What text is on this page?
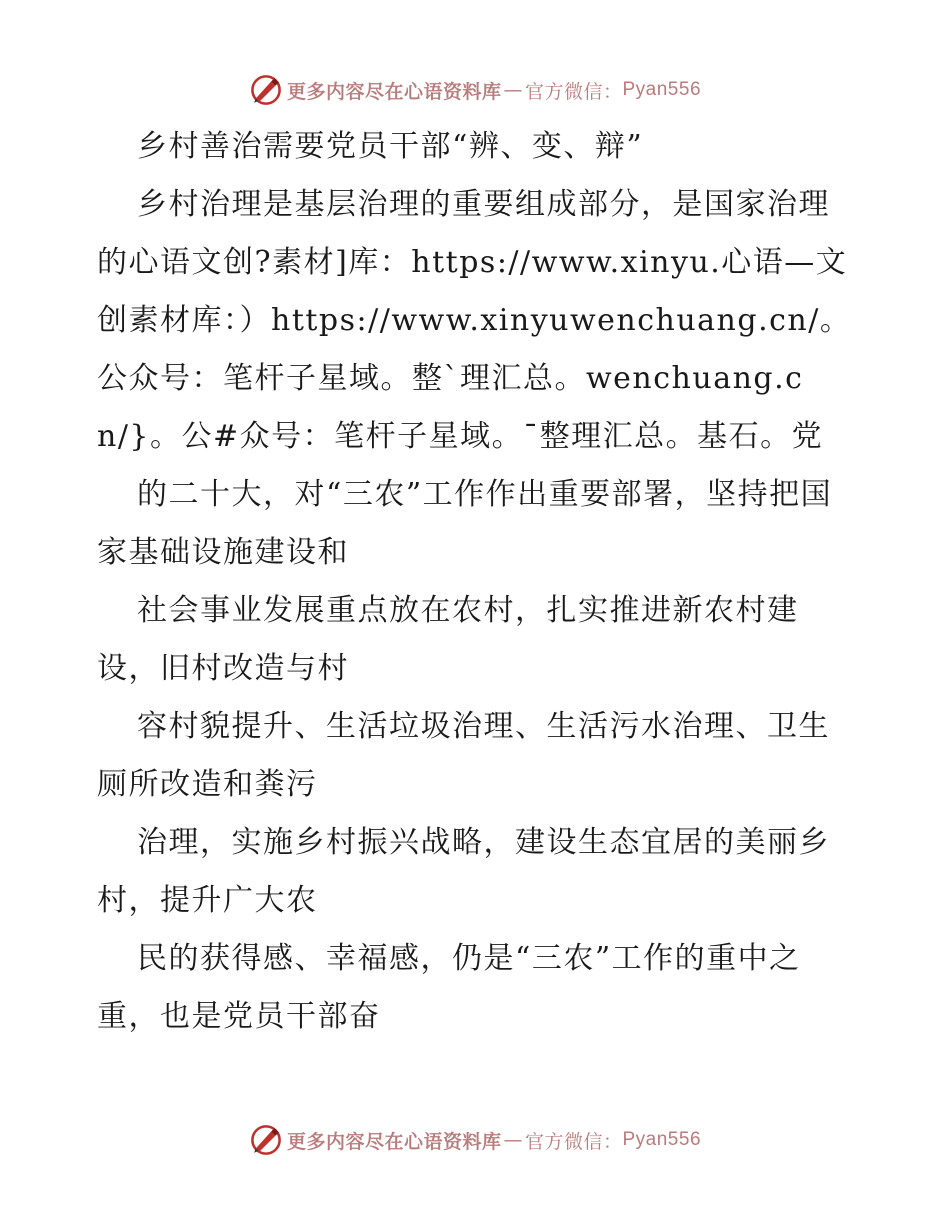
更多内容尽在心语资料库 — 官方微信： Pyan556

乡村善治需要党员干部“辨、变、辩”

乡村治理是基层治理的重要组成部分，是国家治理的心语文创?素材]库：https://www.xinyu.心语—文创素材库：）https://www.xinyuwenchuang.cn/。公众号：笔杆子星域。整`理汇总。wenchuang.cn/}。公#众号：笔杆子星域。¯整理汇总。基石。党

的二十大，对“三农”工作作出重要部署，坚持把国家基础设施建设和

社会事业发展重点放在农村，扎实推进新农村建设，旧村改造与村

容村貌提升、生活垃圾治理、生活污水治理、卫生厕所改造和粪污

治理，实施乡村振兴战略，建设生态宜居的美丽乡村，提升广大农

民的获得感、幸福感，仍是“三农”工作的重中之重，也是党员干部奋

更多内容尽在心语资料库 — 官方微信： Pyan556
